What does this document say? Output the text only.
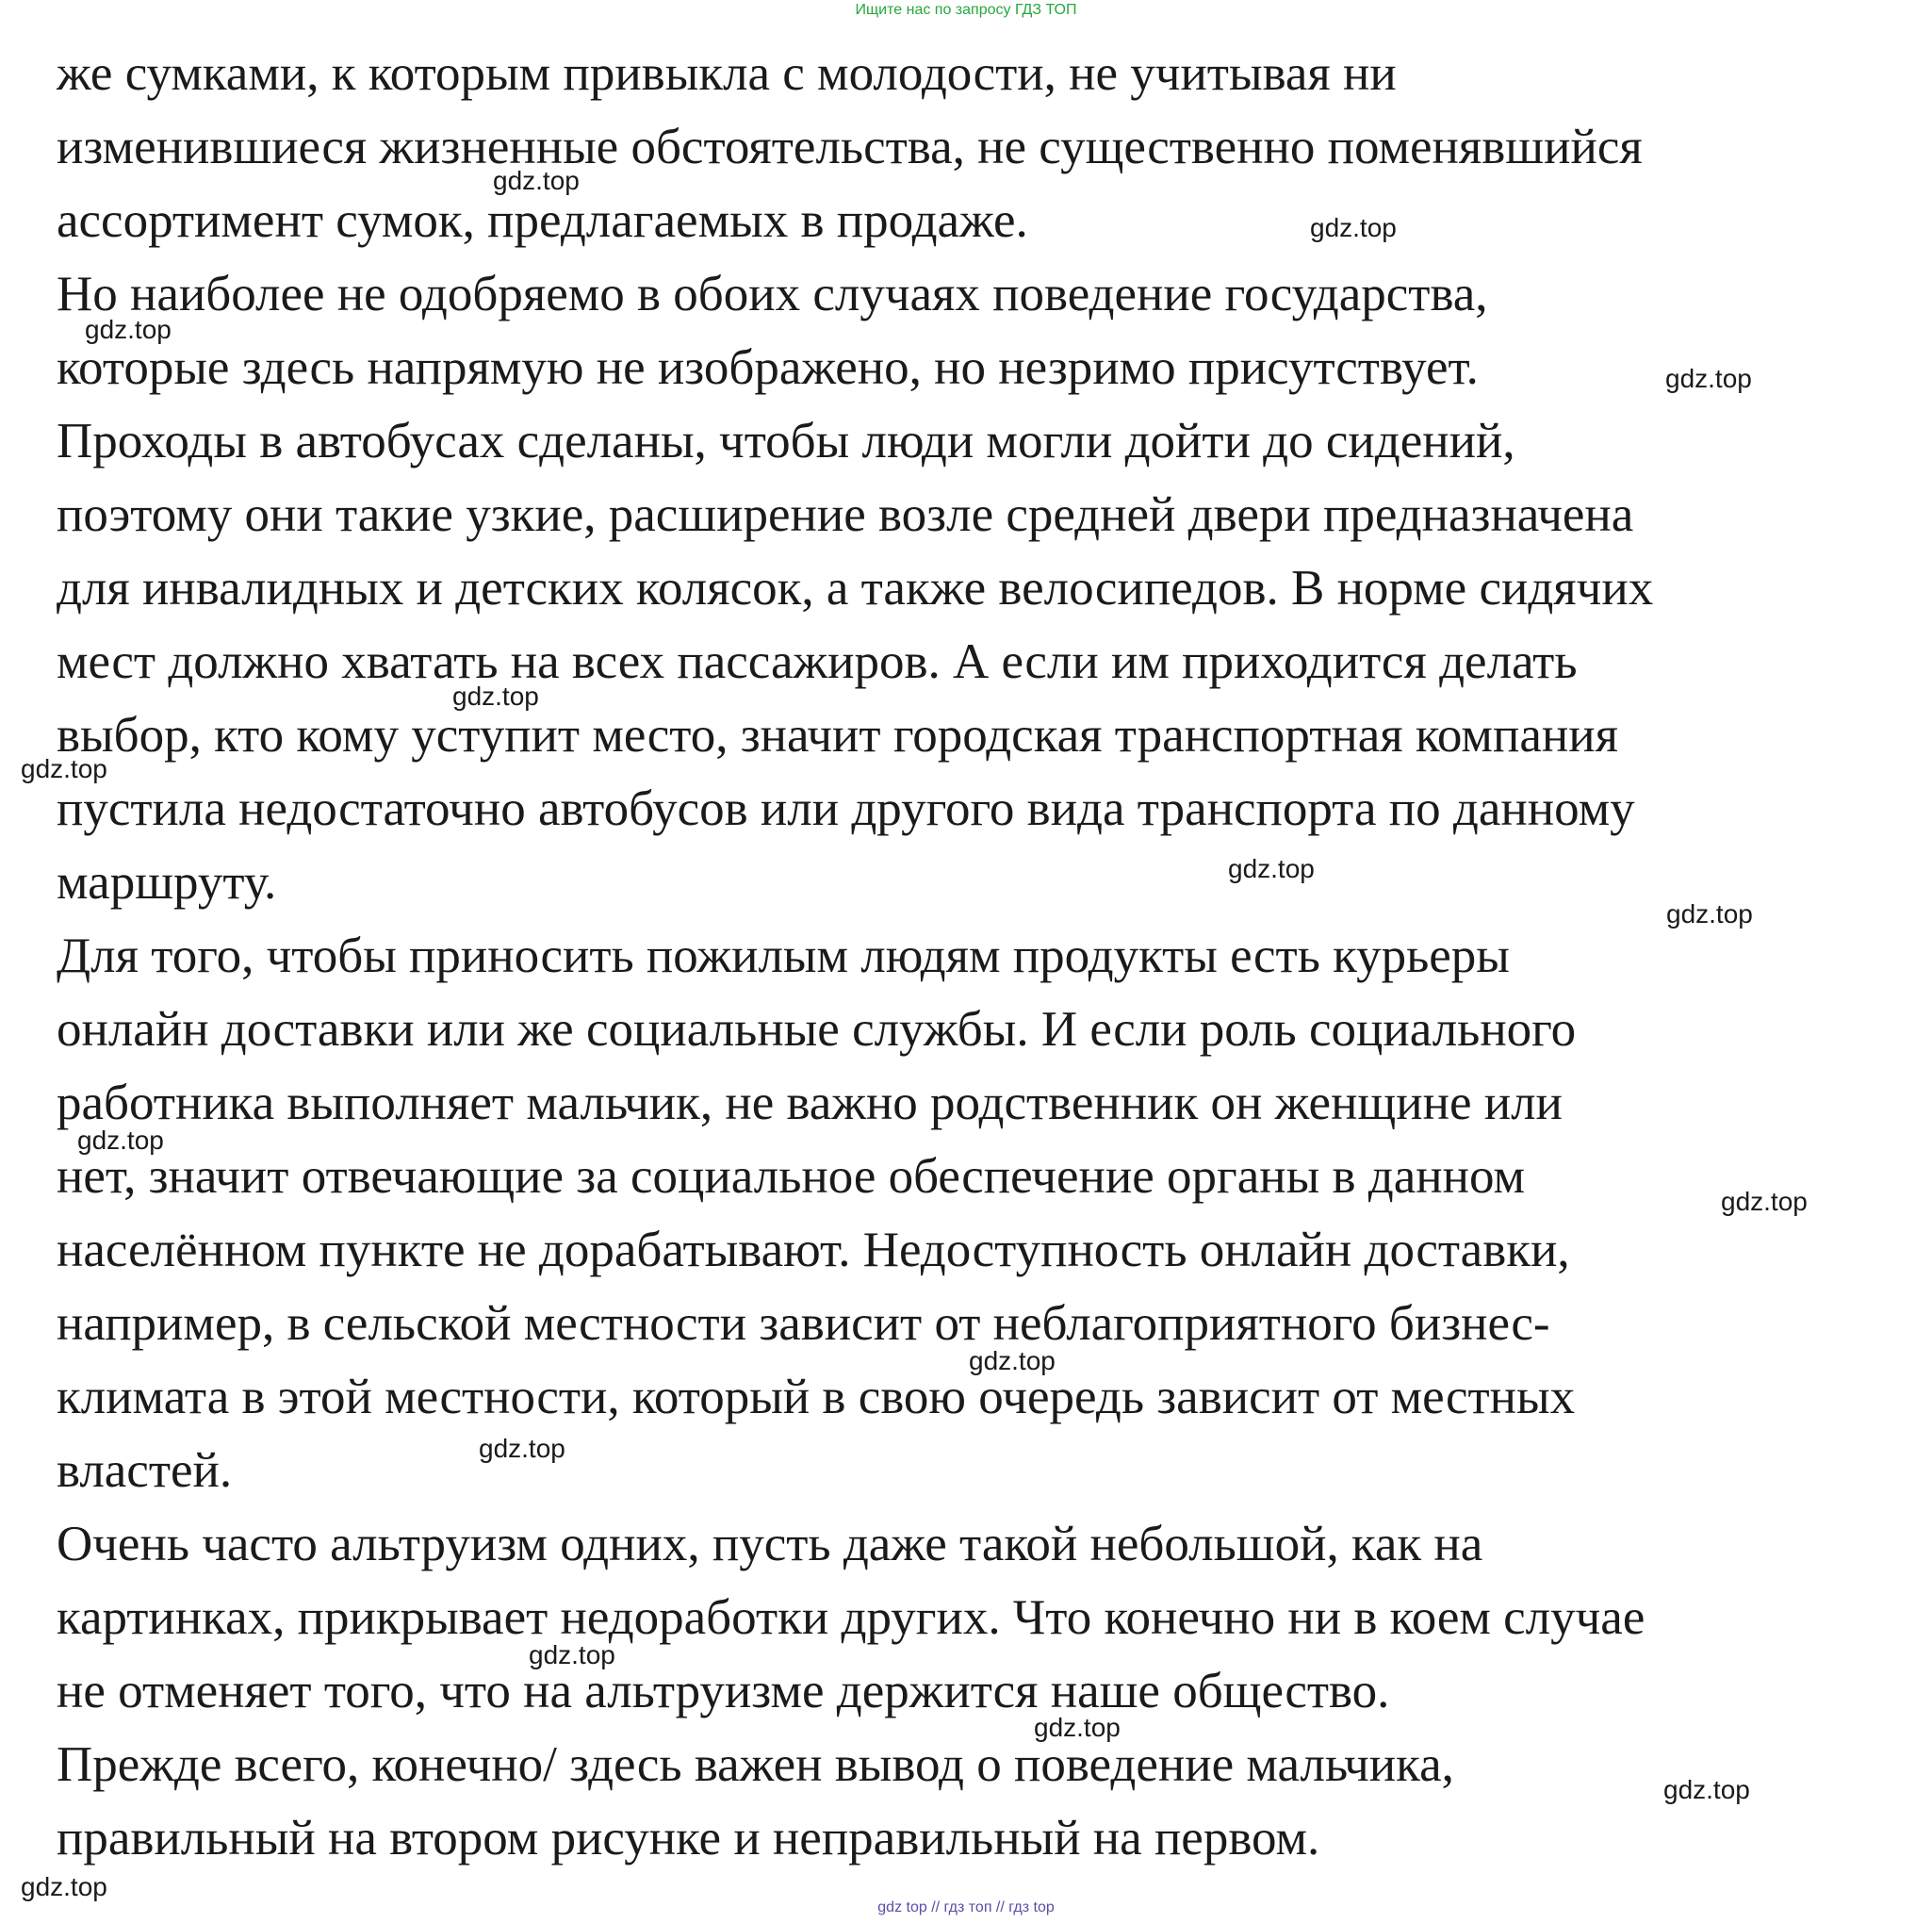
Ищите нас по запросу ГДЗ ТОП

же сумками, к которым привыкла с молодости, не учитывая ни

изменившиеся жизненные обстоятельства, не существенно поменявшийся

ассортимент сумок, предлагаемых в продаже.

Но наиболее не одобряемо в обоих случаях поведение государства,

которые здесь напрямую не изображено, но незримо присутствует.

Проходы в автобусах сделаны, чтобы люди могли дойти до сидений,

поэтому они такие узкие, расширение возле средней двери предназначена

для инвалидных и детских колясок, а также велосипедов. В норме сидячих

мест должно хватать на всех пассажиров. А если им приходится делать

выбор, кто кому уступит место, значит городская транспортная компания

пустила недостаточно автобусов или другого вида транспорта по данному

маршруту.

Для того, чтобы приносить пожилым людям продукты есть курьеры

онлайн доставки или же социальные службы. И если роль социального

работника выполняет мальчик, не важно родственник он женщине или

нет, значит отвечающие за социальное обеспечение органы в данном

населённом пункте не дорабатывают. Недоступность онлайн доставки,

например, в сельской местности зависит от неблагоприятного бизнес-

климата в этой местности, который в свою очередь зависит от местных

властей.

Очень часто альтруизм одних, пусть даже такой небольшой, как на

картинках, прикрывает недоработки других. Что конечно ни в коем случае

не отменяет того, что на альтруизме держится наше общество.

Прежде всего, конечно/ здесь важен вывод о поведение мальчика,

правильный на втором рисунке и неправильный на первом.

gdz.top
gdz.top
gdz.top
gdz.top
gdz.top
gdz.top
gdz.top
gdz.top
gdz.top
gdz.top
gdz.top
gdz.top
gdz.top
gdz.top
gdz.top
gdz.top
gdz top // гдз топ // гдз top
